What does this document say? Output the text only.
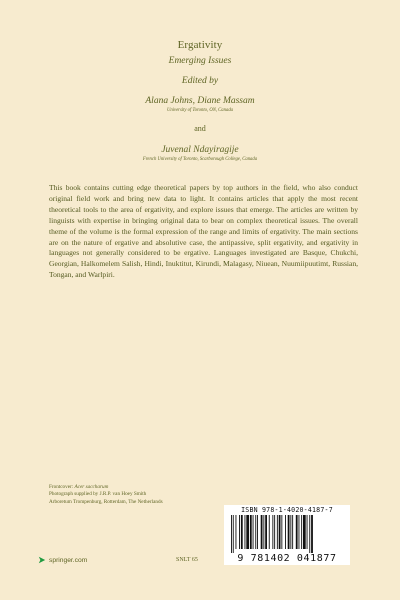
Ergativity
Emerging Issues
Edited by
Alana Johns, Diane Massam
University of Toronto, ON, Canada
and
Juvenal Ndayiragije
French University of Toronto, Scarborough College, Canada
This book contains cutting edge theoretical papers by top authors in the field, who also conduct original field work and bring new data to light. It contains articles that apply the most recent theoretical tools to the area of ergativity, and explore issues that emerge. The articles are written by linguists with expertise in bringing original data to bear on complex theoretical issues. The overall theme of the volume is the formal expression of the range and limits of ergativity. The main sections are on the nature of ergative and absolutive case, the antipassive, split ergativity, and ergativity in languages not generally considered to be ergative. Languages investigated are Basque, Chukchi, Georgian, Halkomelem Salish, Hindi, Inuktitut, Kirundi, Malagasy, Niuean, Nuumiipuutimt, Russian, Tongan, and Warlpiri.
Frontcover: Acer saccharum
Photograph supplied by J.R.P. van Hoey Smith
Arboretum Trompenburg, Rotterdam, The Netherlands
ISBN 978-1-4020-4187-7
9 781402 041877
springer.com	SNLT 65
